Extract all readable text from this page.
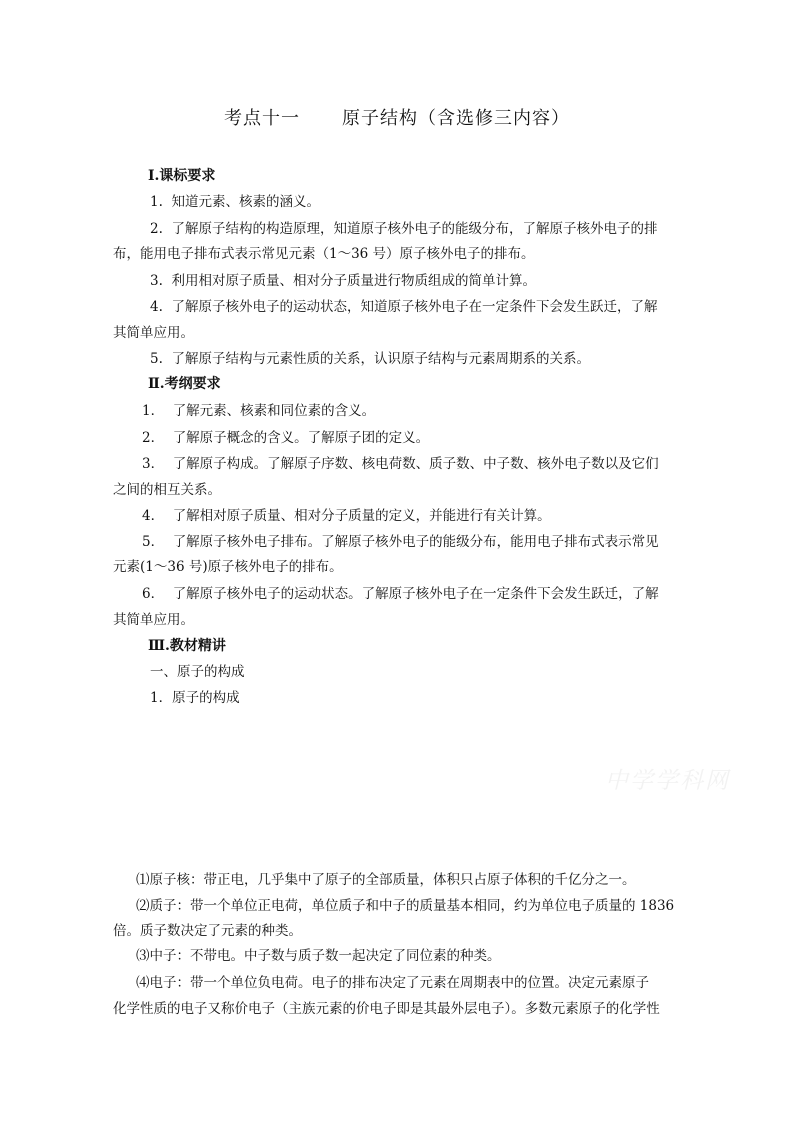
考点十一 原子结构（含选修三内容）
Ⅰ.课标要求
1. 知道元素、核素的涵义。
2. 了解原子结构的构造原理，知道原子核外电子的能级分布，了解原子核外电子的排
布，能用电子排布式表示常见元素（1～36 号）原子核外电子的排布。
3. 利用相对原子质量、相对分子质量进行物质组成的简单计算。
4. 了解原子核外电子的运动状态，知道原子核外电子在一定条件下会发生跃迁，了解
其简单应用。
5. 了解原子结构与元素性质的关系，认识原子结构与元素周期系的关系。
Ⅱ.考纲要求
1． 了解元素、核素和同位素的含义。
2． 了解原子概念的含义。了解原子团的定义。
3． 了解原子构成。了解原子序数、核电荷数、质子数、中子数、核外电子数以及它们
之间的相互关系。
4． 了解相对原子质量、相对分子质量的定义，并能进行有关计算。
5． 了解原子核外电子排布。了解原子核外电子的能级分布，能用电子排布式表示常见
元素(1～36 号)原子核外电子的排布。
6． 了解原子核外电子的运动状态。了解原子核外电子在一定条件下会发生跃迁，了解
其简单应用。
Ⅲ.教材精讲
一、原子的构成
1．原子的构成
中学学科网
⑴原子核：带正电，几乎集中了原子的全部质量，体积只占原子体积的千亿分之一。
⑵质子：带一个单位正电荷，单位质子和中子的质量基本相同，约为单位电子质量的 1836
倍。质子数决定了元素的种类。
⑶中子：不带电。中子数与质子数一起决定了同位素的种类。
⑷电子：带一个单位负电荷。电子的排布决定了元素在周期表中的位置。决定元素原子
化学性质的电子又称价电子（主族元素的价电子即是其最外层电子）。多数元素原子的化学性
